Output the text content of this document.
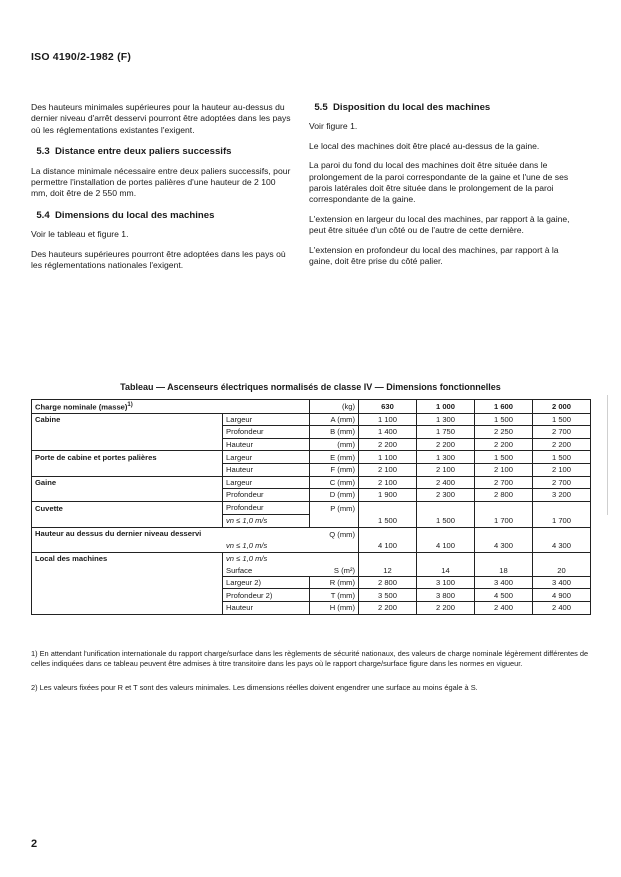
ISO 4190/2-1982 (F)

Des hauteurs minimales supérieures pour la hauteur au-dessus du dernier niveau d'arrêt desservi pourront être adoptées dans les pays où les réglementations existantes l'exigent.

5.3 Distance entre deux paliers successifs

La distance minimale nécessaire entre deux paliers successifs, pour permettre l'installation de portes palières d'une hauteur de 2 100 mm, doit être de 2 550 mm.

5.4 Dimensions du local des machines

Voir le tableau et figure 1.

Des hauteurs supérieures pourront être adoptées dans les pays où les réglementations nationales l'exigent.

5.5 Disposition du local des machines

Voir figure 1.

Le local des machines doit être placé au-dessus de la gaine.

La paroi du fond du local des machines doit être située dans le prolongement de la paroi correspondante de la gaine et l'une de ses parois latérales doit être située dans le prolongement de la paroi correspondante de la gaine.

L'extension en largeur du local des machines, par rapport à la gaine, peut être située d'un côté ou de l'autre de cette dernière.

L'extension en profondeur du local des machines, par rapport à la gaine, doit être prise du côté palier.

Tableau — Ascenseurs électriques normalisés de classe IV — Dimensions fonctionnelles
Charge nominale (masse)$^{1)}$		(kg)	630	1 000	1 600	2 000
Cabine	Largeur	A (mm)	1 100	1 300	1 500	1 500
	Profondeur	B (mm)	1 400	1 750	2 250	2 700
	Hauteur	(mm)	2 200	2 200	2 200	2 200
Porte de cabine et portes palières	Largeur	E (mm)	1 100	1 300	1 500	1 500
	Hauteur	F (mm)	2 100	2 100	2 100	2 100
Gaine	Largeur	C (mm)	2 100	2 400	2 700	2 700
	Profondeur	D (mm)	1 900	2 300	2 800	3 200
Cuvette	Profondeur
vn ≤ 1,0 m/s	P (mm)	1 500	1 500	1 700	1 700

Hauteur au dessus du dernier niveau desservi
vn ≤ 1,0 m/s		Q (mm)	4 100	4 100	4 300	4 300
Local des machines	vn ≤ 1,0 m/s					
	Surface	S (m²)	12	14	18	20
	Largeur 2)	R (mm)	2 800	3 100	3 400	3 400
	Profondeur 2)	T (mm)	3 500	3 800	4 500	4 900
	Hauteur	H (mm)	2 200	2 200	2 400	2 400
1) En attendant l'unification internationale du rapport charge/surface dans les règlements de sécurité nationaux, des valeurs de charge nominale légèrement différentes de celles indiquées dans ce tableau peuvent être admises à titre transitoire dans les pays où le rapport charge/surface figure dans les normes en vigueur.
2) Les valeurs fixées pour R et T sont des valeurs minimales. Les dimensions réelles doivent engendrer une surface au moins égale à S.
2
